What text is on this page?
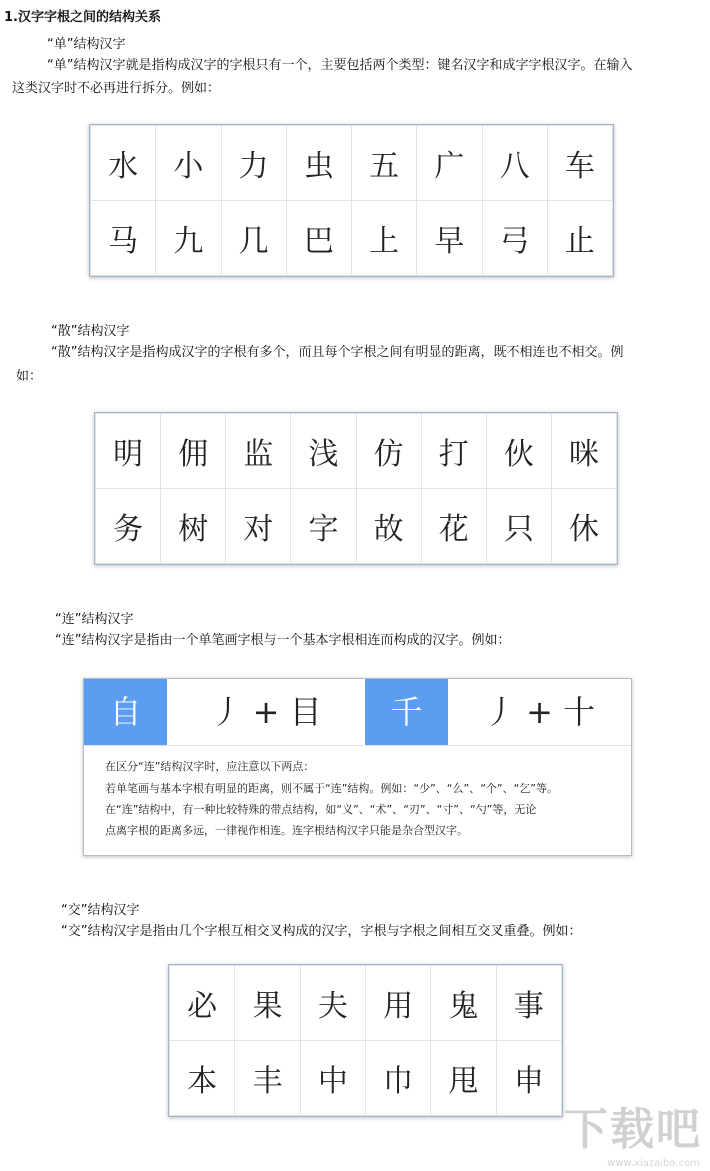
1.汉字字根之间的结构关系
“单”结构汉字
“单”结构汉字就是指构成汉字的字根只有一个，主要包括两个类型：键名汉字和成字字根汉字。在输入
这类汉字时不必再进行拆分。例如：
水	小	力	虫	五	广	八	车
马	九	几	巴	上	早	弓	止
“散”结构汉字
“散”结构汉字是指构成汉字的字根有多个，而且每个字根之间有明显的距离，既不相连也不相交。例
如：
明	佣	监	浅	仿	打	伙	咪
务	树	对	字	故	花	只	休
“连”结构汉字
“连”结构汉字是指由一个单笔画字根与一个基本字根相连而构成的汉字。例如：
自	丿 + 目	千	丿 + 十
在区分“连”结构汉字时，应注意以下两点：
若单笔画与基本字根有明显的距离，则不属于“连”结构。例如：“少”、“么”、“个”、“乞”等。
在“连”结构中，有一种比较特殊的带点结构，如“义”、“术”、“刃”、“寸”、“勺”等，无论
点离字根的距离多远，一律视作相连。连字根结构汉字只能是杂合型汉字。
“交”结构汉字
“交”结构汉字是指由几个字根互相交叉构成的汉字，字根与字根之间相互交叉重叠。例如：
必	果	夫	用	鬼	事
本	丰	中	巾	甩	申
下载吧
www.xiazaiba.com
